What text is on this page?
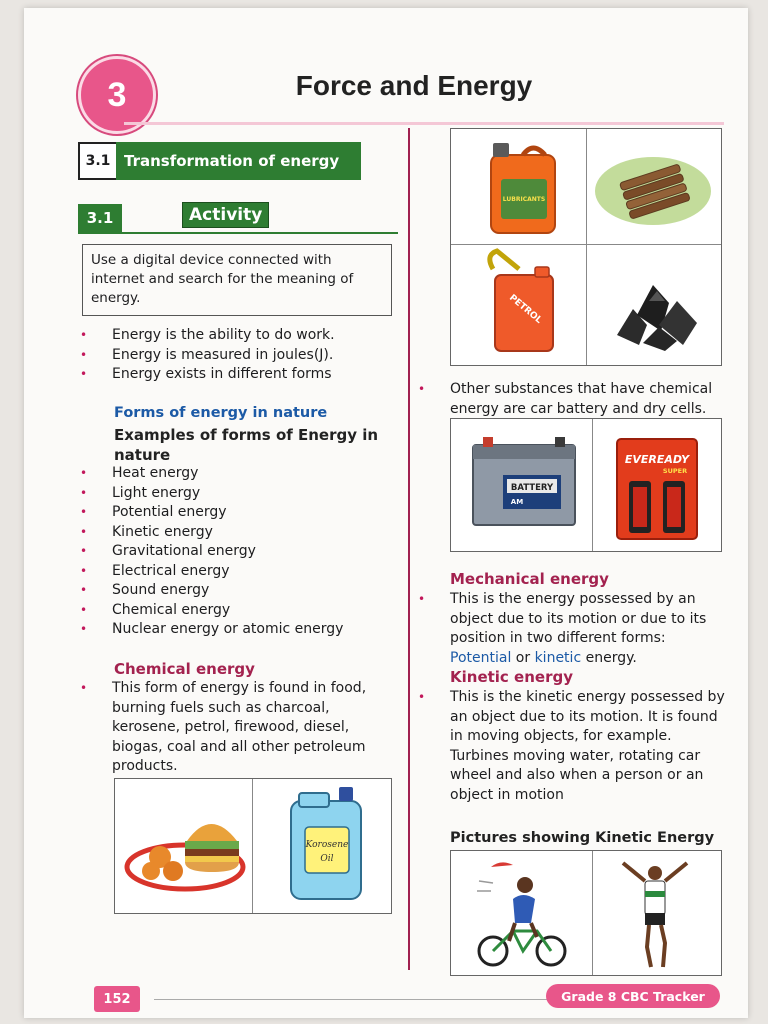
3	Force and Energy
3.1 Transformation of energy
3.1	Activity
Use a digital device connected with internet and search for the meaning of energy.
• Energy is the ability to do work.
• Energy is measured in joules(J).
• Energy exists in different forms
Forms of energy in nature
Examples of forms of Energy in nature
• Heat energy
• Light energy
• Potential energy
• Kinetic energy
• Gravitational energy
• Electrical energy
• Sound energy
• Chemical energy
• Nuclear energy or atomic energy
Chemical energy
• This form of energy is found in food, burning fuels such as charcoal, kerosene, petrol, firewood, diesel, biogas, coal and all other petroleum products.
Korosene
Oil
LUBRICANTS
PETROL
• Other substances that have chemical energy are car battery and dry cells.
BATTERY
AM
EVEREADY
SUPER
Mechanical energy
• This is the energy possessed by an object due to its motion or due to its position in two different forms: Potential or kinetic energy.
Kinetic energy
• This is the kinetic energy possessed by an object due to its motion. It is found in moving objects, for example. Turbines moving water, rotating car wheel and also when a person or an object in motion
Pictures showing Kinetic Energy
152	Grade 8 CBC Tracker
